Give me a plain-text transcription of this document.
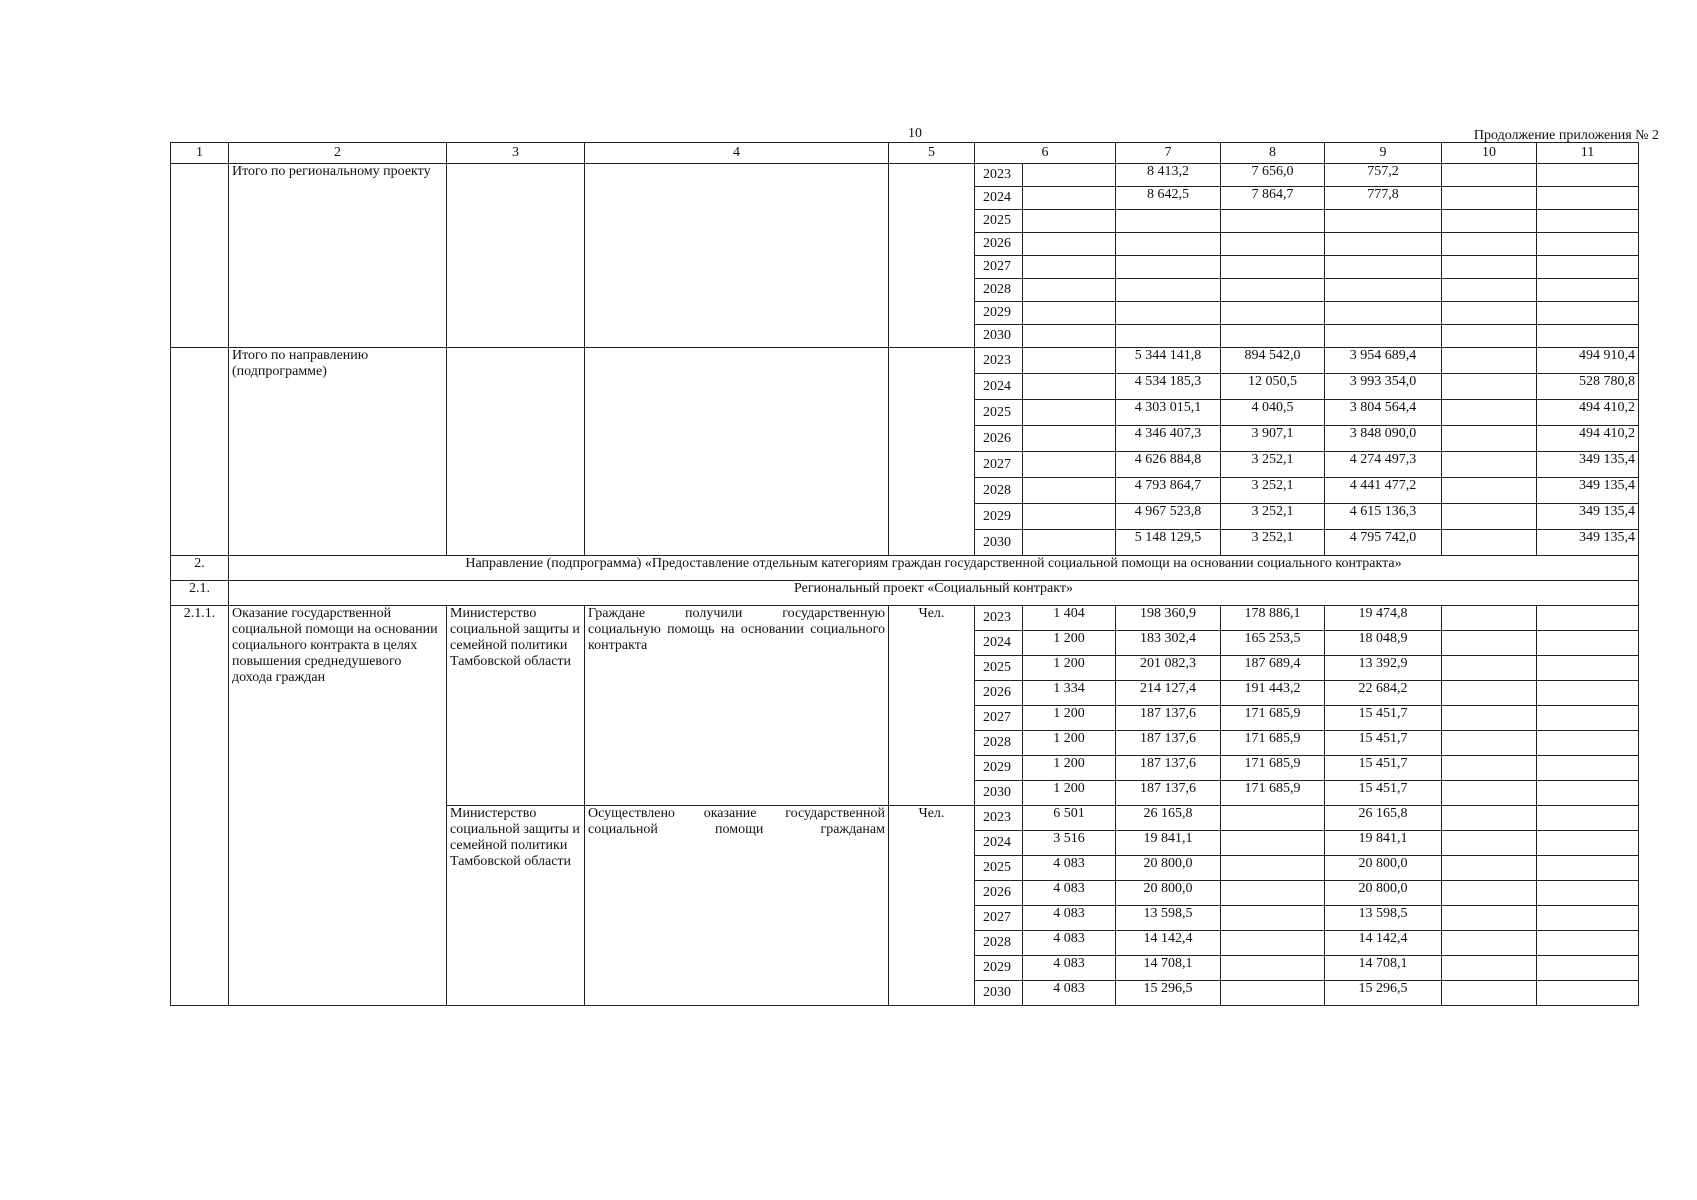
10	Продолжение приложения № 2
1	2	3	4	5	6		7	8	9	10	11
	Итого по региональному проекту				2023		8 413,2	7 656,0	757,2		
					2024		8 642,5	7 864,7	777,8		
					2025						
					2026						
					2027						
					2028						
					2029						
					2030						
	Итого по направлению (подпрограмме)				2023		5 344 141,8	894 542,0	3 954 689,4		494 910,4
					2024		4 534 185,3	12 050,5	3 993 354,0		528 780,8
					2025		4 303 015,1	4 040,5	3 804 564,4		494 410,2
					2026		4 346 407,3	3 907,1	3 848 090,0		494 410,2
					2027		4 626 884,8	3 252,1	4 274 497,3		349 135,4
					2028		4 793 864,7	3 252,1	4 441 477,2		349 135,4
					2029		4 967 523,8	3 252,1	4 615 136,3		349 135,4
					2030		5 148 129,5	3 252,1	4 795 742,0		349 135,4
2.	Направление (подпрограмма) «Предоставление отдельным категориям граждан государственной социальной помощи на основании социального контракта»										
2.1.	Региональный проект «Социальный контракт»										
2.1.1.	Оказание государственной социальной помощи на основании социального контракта в целях повышения среднедушевого дохода граждан	Министерство социальной защиты и семейной политики Тамбовской области	Граждане получили государственную социальную помощь на основании социального контракта	Чел.	2023	1 404	198 360,9	178 886,1	19 474,8		
					2024	1 200	183 302,4	165 253,5	18 048,9		
					2025	1 200	201 082,3	187 689,4	13 392,9		
					2026	1 334	214 127,4	191 443,2	22 684,2		
					2027	1 200	187 137,6	171 685,9	15 451,7		
					2028	1 200	187 137,6	171 685,9	15 451,7		
					2029	1 200	187 137,6	171 685,9	15 451,7		
					2030	1 200	187 137,6	171 685,9	15 451,7		
		Министерство социальной защиты и семейной политики Тамбовской области	Осуществлено оказание государственной социальной помощи гражданам	Чел.	2023	6 501	26 165,8		26 165,8		
					2024	3 516	19 841,1		19 841,1		
					2025	4 083	20 800,0		20 800,0		
					2026	4 083	20 800,0		20 800,0		
					2027	4 083	13 598,5		13 598,5		
					2028	4 083	14 142,4		14 142,4		
					2029	4 083	14 708,1		14 708,1		
					2030	4 083	15 296,5		15 296,5		
